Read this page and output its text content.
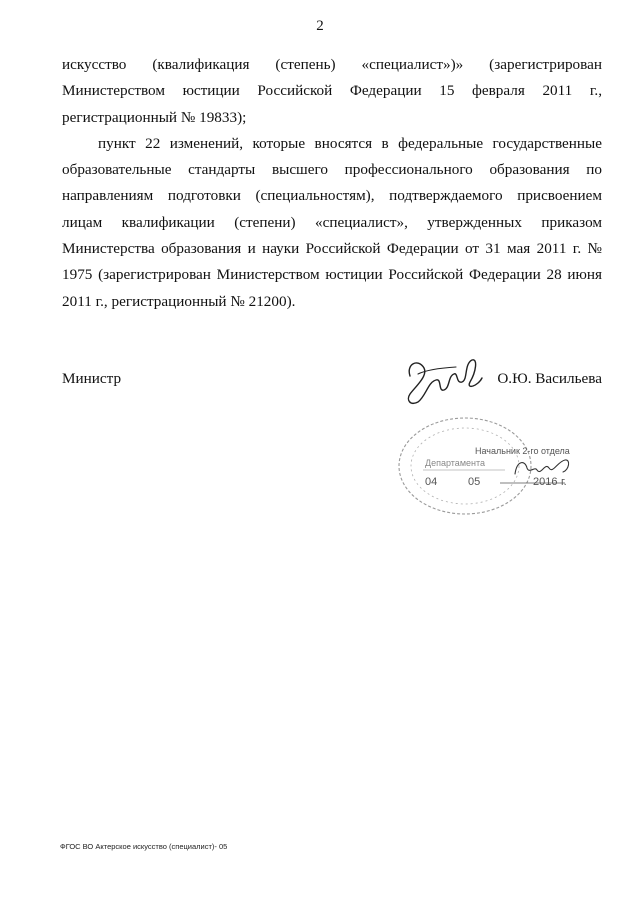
2

искусство (квалификация (степень) «специалист»)» (зарегистрирован Министерством юстиции Российской Федерации 15 февраля 2011 г., регистрационный № 19833);

пункт 22 изменений, которые вносятся в федеральные государственные образовательные стандарты высшего профессионального образования по направлениям подготовки (специальностям), подтверждаемого присвоением лицам квалификации (степени) «специалист», утвержденных приказом Министерства образования и науки Российской Федерации от 31 мая 2011 г. № 1975 (зарегистрирован Министерством юстиции Российской Федерации 28 июня 2011 г., регистрационный № 21200).

Министр	О.Ю. Васильева
Начальник 2-го отдела
Департамента
04	05	2016 г.
ФГОС ВО Актерское искусство (специалист)- 05
